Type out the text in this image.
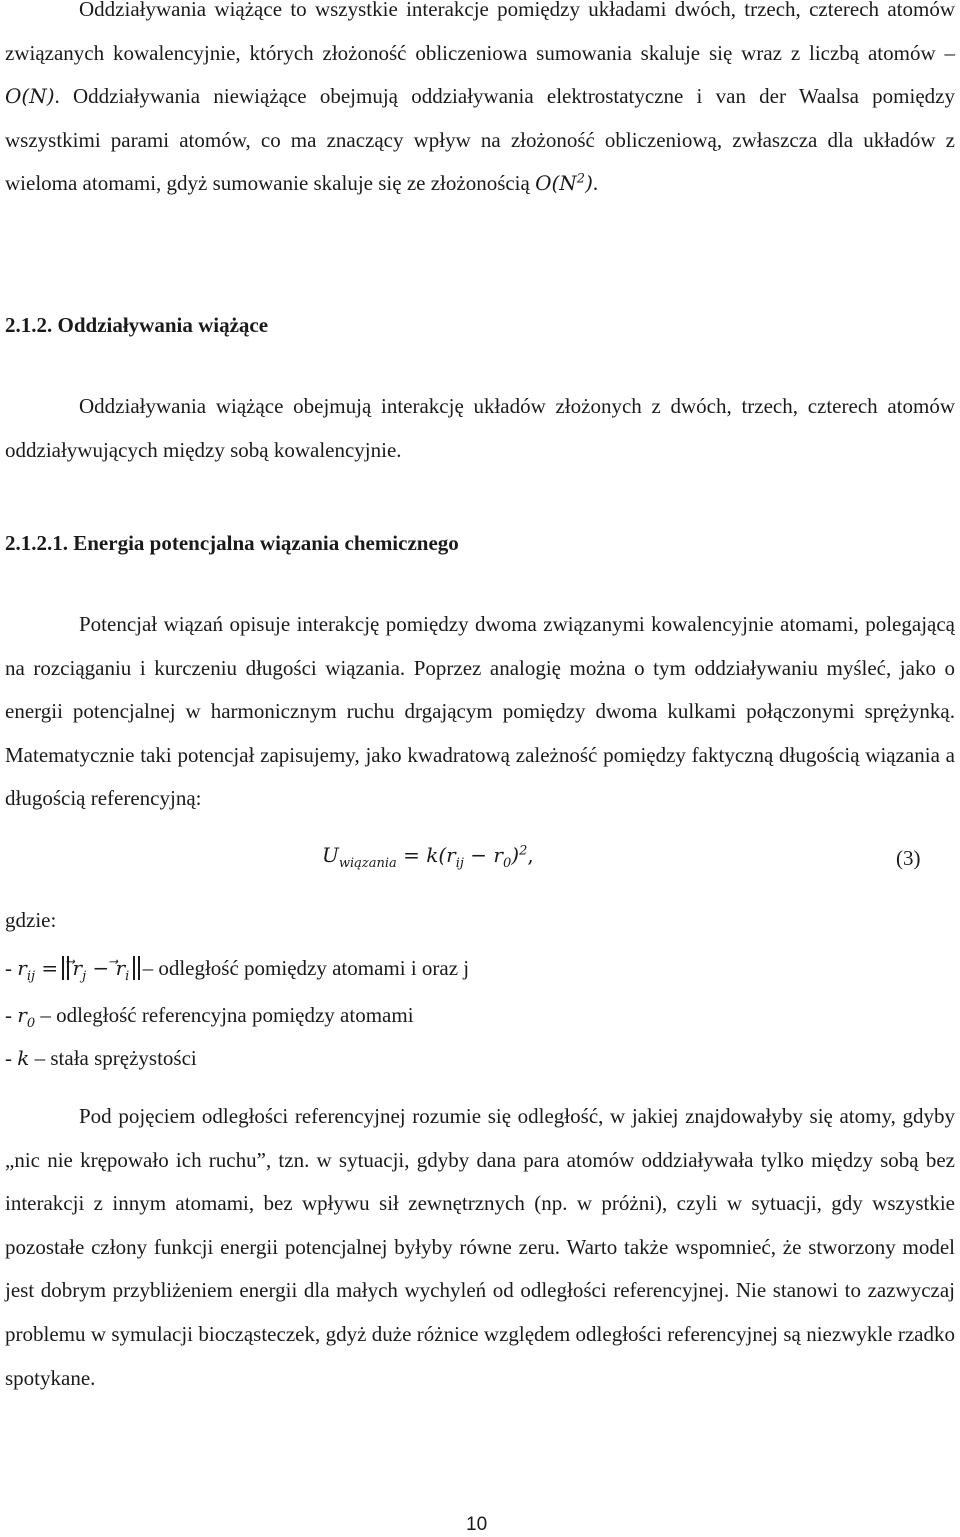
Oddziaływania wiążące to wszystkie interakcje pomiędzy układami dwóch, trzech, czterech atomów związanych kowalencyjnie, których złożoność obliczeniowa sumowania skaluje się wraz z liczbą atomów – O(N). Oddziaływania niewiążące obejmują oddziaływania elektrostatyczne i van der Waalsa pomiędzy wszystkimi parami atomów, co ma znaczący wpływ na złożoność obliczeniową, zwłaszcza dla układów z wieloma atomami, gdyż sumowanie skaluje się ze złożonością $O(N^2)$.

2.1.2. Oddziaływania wiążące

Oddziaływania wiążące obejmują interakcję układów złożonych z dwóch, trzech, czterech atomów oddziaływujących między sobą kowalencyjnie.

2.1.2.1. Energia potencjalna wiązania chemicznego

Potencjał wiązań opisuje interakcję pomiędzy dwoma związanymi kowalencyjnie atomami, polegającą na rozciąganiu i kurczeniu długości wiązania. Poprzez analogię można o tym oddziaływaniu myśleć, jako o energii potencjalnej w harmonicznym ruchu drgającym pomiędzy dwoma kulkami połączonymi sprężynką. Matematycznie taki potencjał zapisujemy, jako kwadratową zależność pomiędzy faktyczną długością wiązania a długością referencyjną:

$U_{wiązania} = k(r_{ij} - r_0)^2$,	(3)
gdzie:
- $r_{ij} = r_j - r_i$ – odległość pomiędzy atomami i oraz j
- $r_0$ – odległość referencyjna pomiędzy atomami
- k – stała sprężystości

Pod pojęciem odległości referencyjnej rozumie się odległość, w jakiej znajdowałyby się atomy, gdyby „nic nie krępowało ich ruchu”, tzn. w sytuacji, gdyby dana para atomów oddziaływała tylko między sobą bez interakcji z innym atomami, bez wpływu sił zewnętrznych (np. w próżni), czyli w sytuacji, gdy wszystkie pozostałe człony funkcji energii potencjalnej byłyby równe zeru. Warto także wspomnieć, że stworzony model jest dobrym przybliżeniem energii dla małych wychyleń od odległości referencyjnej. Nie stanowi to zazwyczaj problemu w symulacji biocząsteczek, gdyż duże różnice względem odległości referencyjnej są niezwykle rzadko spotykane.

10
